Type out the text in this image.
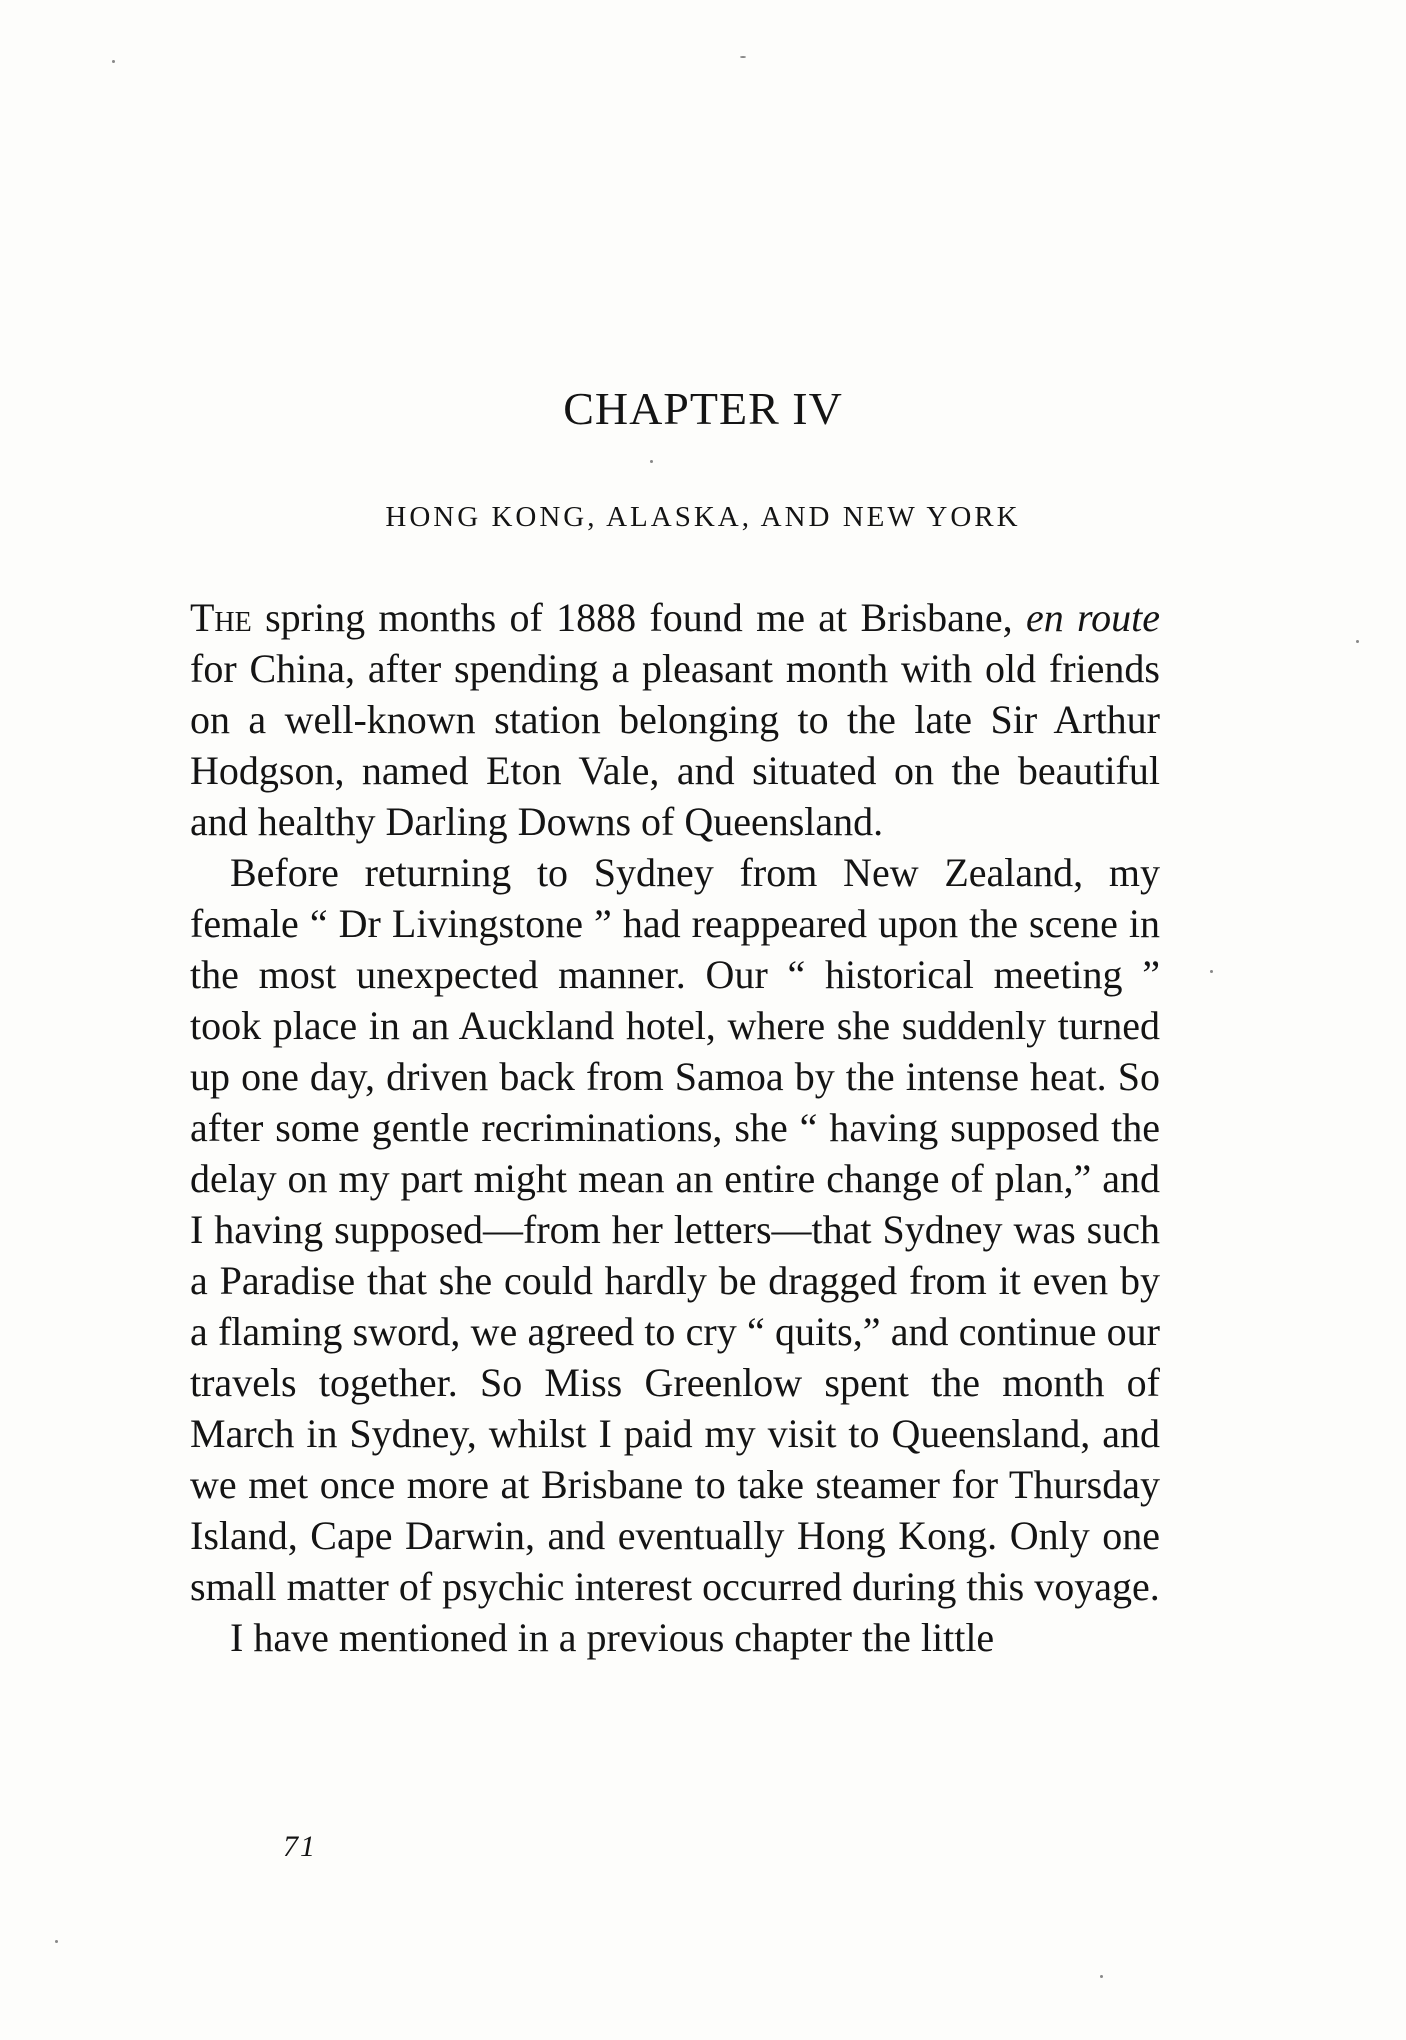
CHAPTER IV
HONG KONG, ALASKA, AND NEW YORK

The spring months of 1888 found me at Brisbane, en route for China, after spending a pleasant month with old friends on a well-known station belonging to the late Sir Arthur Hodgson, named Eton Vale, and situated on the beautiful and healthy Darling Downs of Queensland.

Before returning to Sydney from New Zealand, my female “ Dr Livingstone ” had reappeared upon the scene in the most unexpected manner. Our “ historical meeting ” took place in an Auckland hotel, where she suddenly turned up one day, driven back from Samoa by the intense heat. So after some gentle recriminations, she “ having supposed the delay on my part might mean an entire change of plan,” and I having supposed—from her letters—that Sydney was such a Paradise that she could hardly be dragged from it even by a flaming sword, we agreed to cry “ quits,” and continue our travels together. So Miss Greenlow spent the month of March in Sydney, whilst I paid my visit to Queensland, and we met once more at Brisbane to take steamer for Thursday Island, Cape Darwin, and eventually Hong Kong. Only one small matter of psychic interest occurred during this voyage.

I have mentioned in a previous chapter the little

71
